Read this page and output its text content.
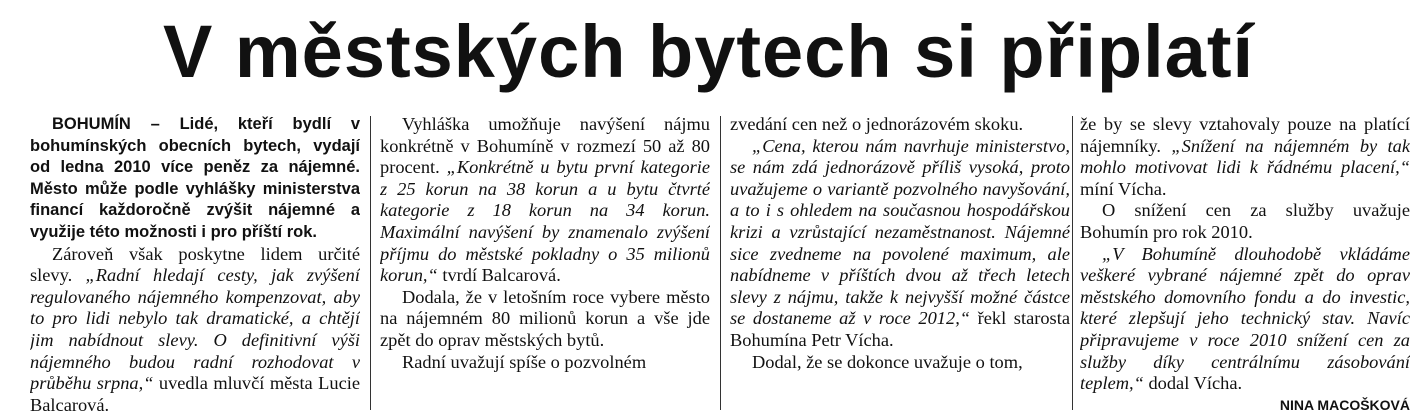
V městských bytech si připlatí

BOHUMÍN – Lidé, kteří bydlí v bohumínských obecních bytech, vydají od ledna 2010 více peněz za nájemné. Město může podle vyhlášky ministerstva financí každoročně zvýšit nájemné a využije této možnosti i pro příští rok.

Zároveň však poskytne lidem určité slevy. „Radní hledají cesty, jak zvýšení regulovaného nájemného kompenzovat, aby to pro lidi nebylo tak dramatické, a chtějí jim nabídnout slevy. O definitivní výši nájemného budou radní rozhodovat v průběhu srpna,“ uvedla mluvčí města Lucie Balcarová.

Vyhláška umožňuje navýšení nájmu konkrétně v Bohumíně v rozmezí 50 až 80 procent. „Konkrétně u bytu první kategorie z 25 korun na 38 korun a u bytu čtvrté kategorie z 18 korun na 34 korun. Maximální navýšení by znamenalo zvýšení příjmu do městské pokladny o 35 milionů korun,“ tvrdí Balcarová.

Dodala, že v letošním roce vybere město na nájemném 80 milionů korun a vše jde zpět do oprav městských bytů.

Radní uvažují spíše o pozvolném

zvedání cen než o jednorázovém skoku.

„Cena, kterou nám navrhuje ministerstvo, se nám zdá jednorázově příliš vysoká, proto uvažujeme o variantě pozvolného navyšování, a to i s ohledem na současnou hospodářskou krizi a vzrůstající nezaměstnanost. Nájemné sice zvedneme na povolené maximum, ale nabídneme v příštích dvou až třech letech slevy z nájmu, takže k nejvyšší možné částce se dostaneme až v roce 2012,“ řekl starosta Bohumína Petr Vícha.

Dodal, že se dokonce uvažuje o tom,

že by se slevy vztahovaly pouze na platící nájemníky. „Snížení na nájemném by tak mohlo motivovat lidi k řádnému placení,“ míní Vícha.

O snížení cen za služby uvažuje Bohumín pro rok 2010.

„V Bohumíně dlouhodobě vkládáme veškeré vybrané nájemné zpět do oprav městského domovního fondu a do investic, které zlepšují jeho technický stav. Navíc připravujeme v roce 2010 snížení cen za služby díky centrálnímu zásobování teplem,“ dodal Vícha.

NINA MACOŠKOVÁ
